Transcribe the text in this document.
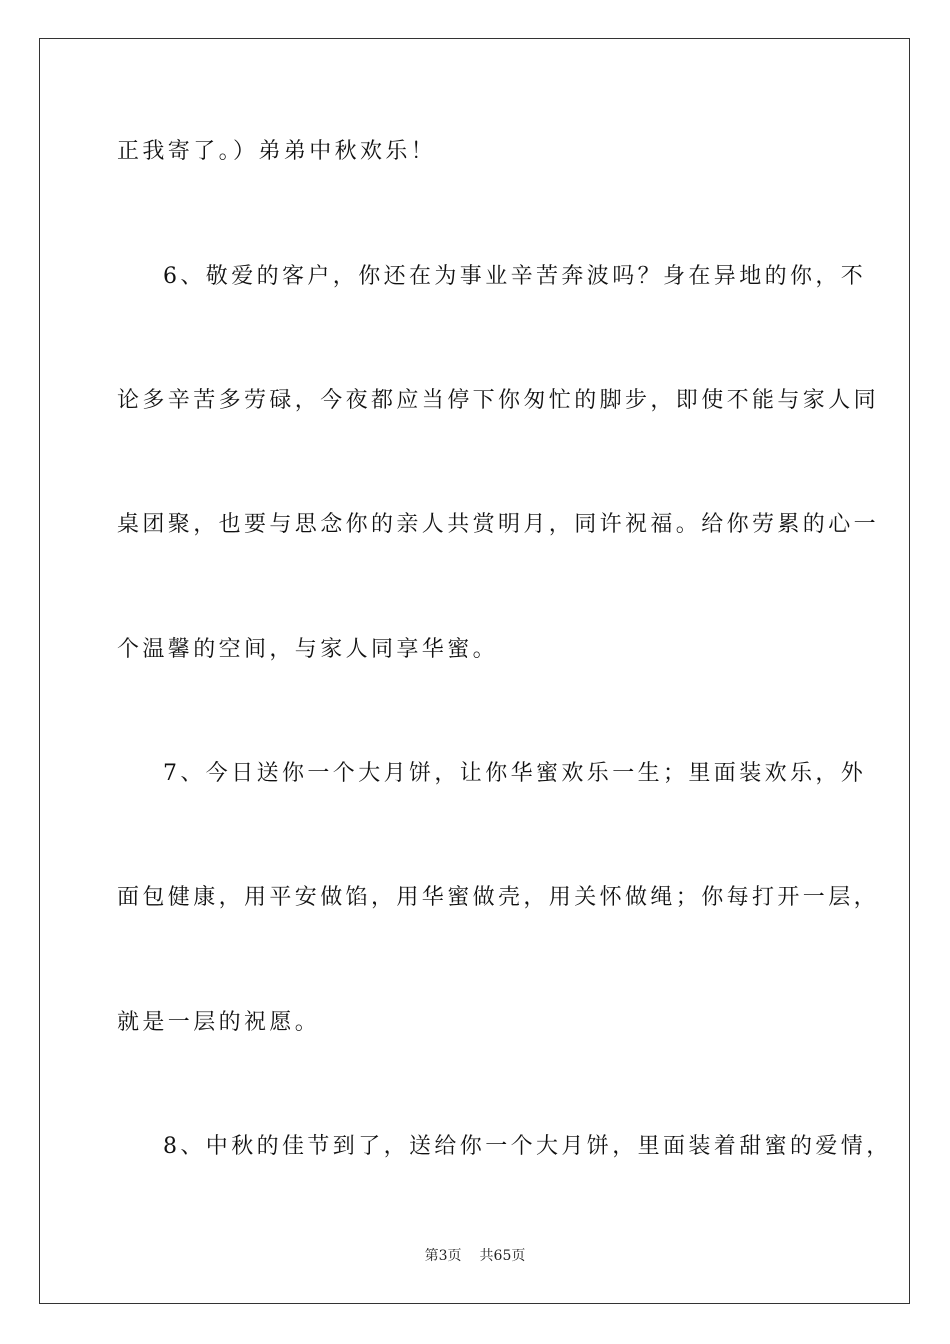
正我寄了。）弟弟中秋欢乐！
6、敬爱的客户，你还在为事业辛苦奔波吗？身在异地的你，不
论多辛苦多劳碌，今夜都应当停下你匆忙的脚步，即使不能与家人同
桌团聚，也要与思念你的亲人共赏明月，同许祝福。给你劳累的心一
个温馨的空间，与家人同享华蜜。
7、今日送你一个大月饼，让你华蜜欢乐一生；里面装欢乐，外
面包健康，用平安做馅，用华蜜做壳，用关怀做绳；你每打开一层，
就是一层的祝愿。
8、中秋的佳节到了，送给你一个大月饼，里面装着甜蜜的爱情，
第3页 共65页
